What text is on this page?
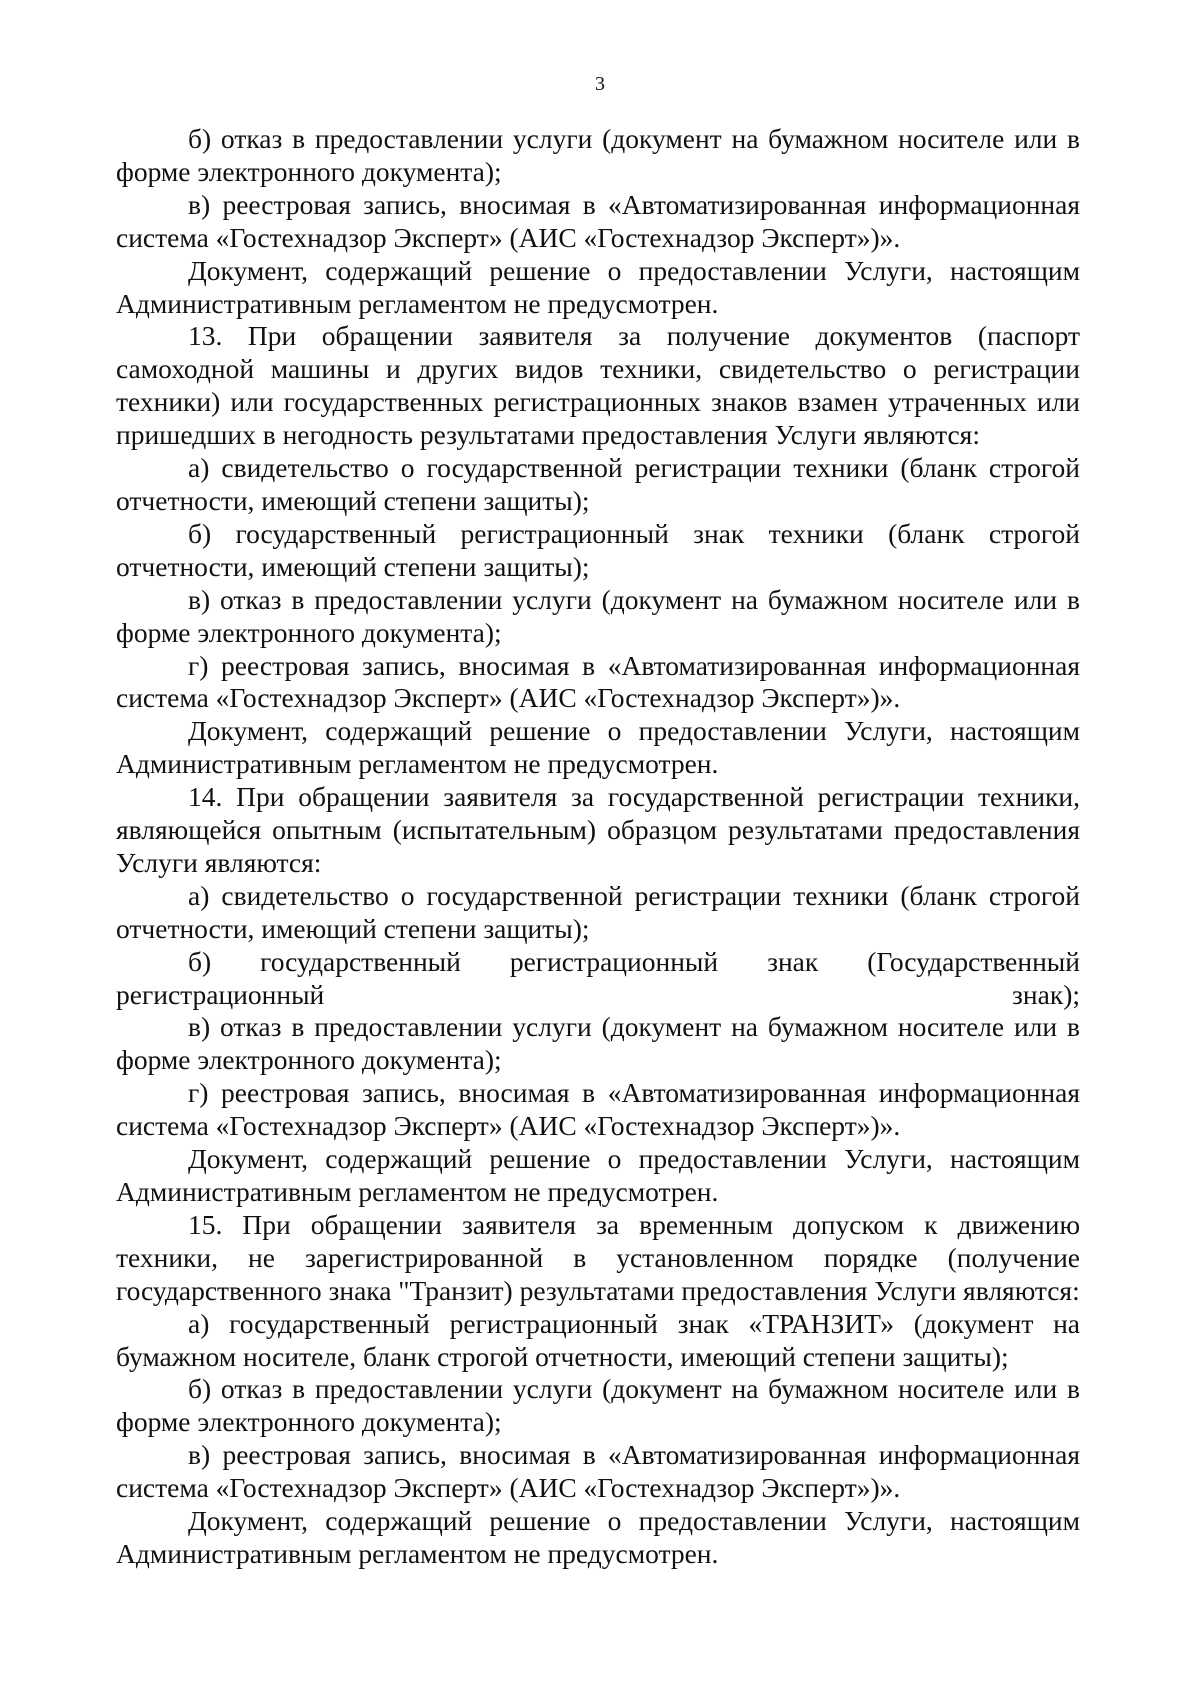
3

б) отказ в предоставлении услуги (документ на бумажном носителе или в форме электронного документа);

в) реестровая запись, вносимая в «Автоматизированная информационная система «Гостехнадзор Эксперт» (АИС «Гостехнадзор Эксперт»)».

Документ, содержащий решение о предоставлении Услуги, настоящим Административным регламентом не предусмотрен.

13. При обращении заявителя за получение документов (паспорт самоходной машины и других видов техники, свидетельство о регистрации техники) или государственных регистрационных знаков взамен утраченных или пришедших в негодность результатами предоставления Услуги являются:

а) свидетельство о государственной регистрации техники (бланк строгой отчетности, имеющий степени защиты);

б) государственный регистрационный знак техники (бланк строгой отчетности, имеющий степени защиты);

в) отказ в предоставлении услуги (документ на бумажном носителе или в форме электронного документа);

г) реестровая запись, вносимая в «Автоматизированная информационная система «Гостехнадзор Эксперт» (АИС «Гостехнадзор Эксперт»)».

Документ, содержащий решение о предоставлении Услуги, настоящим Административным регламентом не предусмотрен.

14. При обращении заявителя за государственной регистрации техники, являющейся опытным (испытательным) образцом результатами предоставления Услуги являются:

а) свидетельство о государственной регистрации техники (бланк строгой отчетности, имеющий степени защиты);

б) государственный регистрационный знак (Государственный регистрационный знак);

в) отказ в предоставлении услуги (документ на бумажном носителе или в форме электронного документа);

г) реестровая запись, вносимая в «Автоматизированная информационная система «Гостехнадзор Эксперт» (АИС «Гостехнадзор Эксперт»)».

Документ, содержащий решение о предоставлении Услуги, настоящим Административным регламентом не предусмотрен.

15. При обращении заявителя за временным допуском к движению техники, не зарегистрированной в установленном порядке (получение государственного знака "Транзит) результатами предоставления Услуги являются:

а) государственный регистрационный знак «ТРАНЗИТ» (документ на бумажном носителе, бланк строгой отчетности, имеющий степени защиты);

б) отказ в предоставлении услуги (документ на бумажном носителе или в форме электронного документа);

в) реестровая запись, вносимая в «Автоматизированная информационная система «Гостехнадзор Эксперт» (АИС «Гостехнадзор Эксперт»)».

Документ, содержащий решение о предоставлении Услуги, настоящим Административным регламентом не предусмотрен.
